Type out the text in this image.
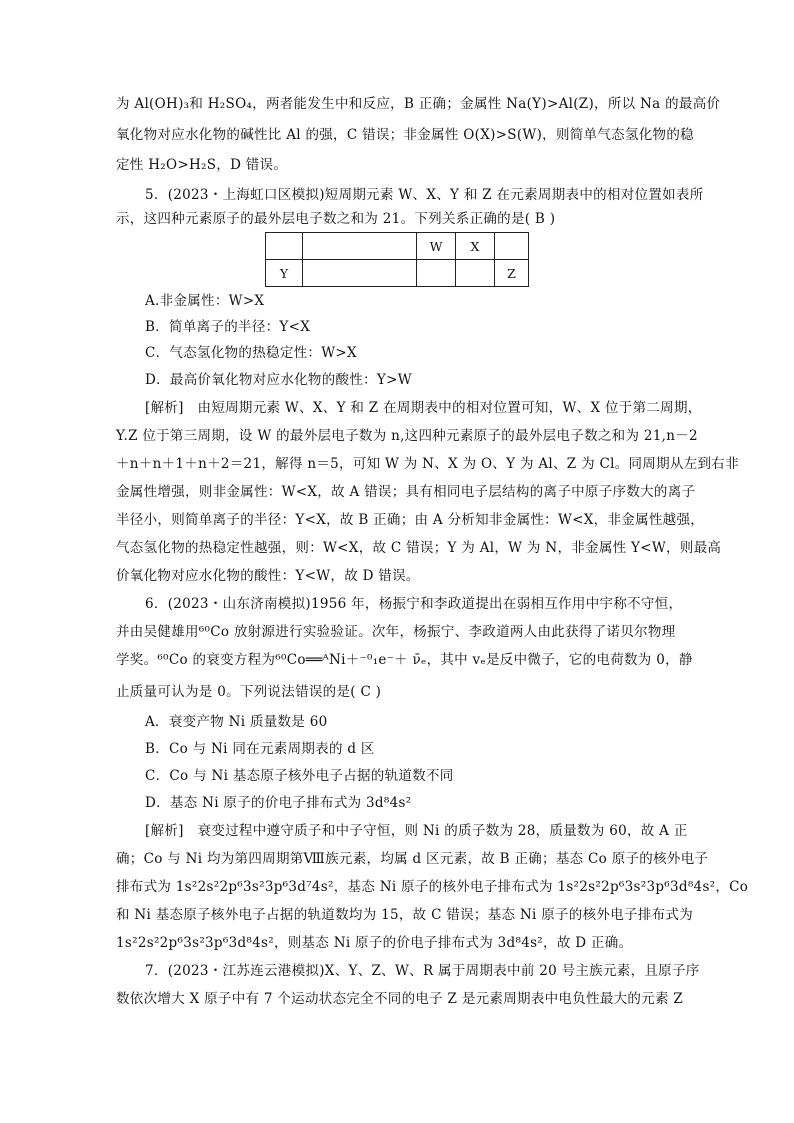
为 Al(OH)₃和 H₂SO₄，两者能发生中和反应，B 正确；金属性 Na(Y)>Al(Z)，所以 Na 的最高价
氧化物对应水化物的碱性比 Al 的强，C 错误；非金属性 O(X)>S(W)，则简单气态氢化物的稳
定性 H₂O>H₂S，D 错误。
5．(2023・上海虹口区模拟)短周期元素 W、X、Y 和 Z 在元素周期表中的相对位置如表所
示，这四种元素原子的最外层电子数之和为 21。下列关系正确的是( B )
A.非金属性：W>X
B．简单离子的半径：Y<X
C．气态氢化物的热稳定性：W>X
D．最高价氧化物对应水化物的酸性：Y>W
[解析]　由短周期元素 W、X、Y 和 Z 在周期表中的相对位置可知，W、X 位于第二周期，
Y.Z 位于第三周期，设 W 的最外层电子数为 n,这四种元素原子的最外层电子数之和为 21,n－2
＋n＋n＋1＋n＋2＝21，解得 n＝5，可知 W 为 N、X 为 O、Y 为 Al、Z 为 Cl。同周期从左到右非
金属性增强，则非金属性：W<X，故 A 错误；具有相同电子层结构的离子中原子序数大的离子
半径小，则简单离子的半径：Y<X，故 B 正确；由 A 分析知非金属性：W<X，非金属性越强，
气态氢化物的热稳定性越强，则：W<X，故 C 错误；Y 为 Al，W 为 N，非金属性 Y<W，则最高
价氧化物对应水化物的酸性：Y<W，故 D 错误。
6．(2023・山东济南模拟)1956 年，杨振宁和李政道提出在弱相互作用中宇称不守恒，
并由吴健雄用⁶⁰Co 放射源进行实验验证。次年，杨振宁、李政道两人由此获得了诺贝尔物理
学奖。⁶⁰Co 的衰变方程为⁶⁰Co══ᴬNi＋⁻⁰₁e⁻＋ ν̄ₑ，其中 vₑ是反中微子，它的电荷数为 0，静
止质量可认为是 0。下列说法错误的是( C )
A．衰变产物 Ni 质量数是 60
B．Co 与 Ni 同在元素周期表的 d 区
C．Co 与 Ni 基态原子核外电子占据的轨道数不同
D．基态 Ni 原子的价电子排布式为 3d⁸4s²
[解析]　衰变过程中遵守质子和中子守恒，则 Ni 的质子数为 28，质量数为 60，故 A 正
确；Co 与 Ni 均为第四周期第Ⅷ族元素，均属 d 区元素，故 B 正确；基态 Co 原子的核外电子
排布式为 1s²2s²2p⁶3s²3p⁶3d⁷4s²，基态 Ni 原子的核外电子排布式为 1s²2s²2p⁶3s²3p⁶3d⁸4s²，Co
和 Ni 基态原子核外电子占据的轨道数均为 15，故 C 错误；基态 Ni 原子的核外电子排布式为
1s²2s²2p⁶3s²3p⁶3d⁸4s²，则基态 Ni 原子的价电子排布式为 3d⁸4s²，故 D 正确。
7．(2023・江苏连云港模拟)X、Y、Z、W、R 属于周期表中前 20 号主族元素，且原子序
数依次增大 X 原子中有 7 个运动状态完全不同的电子 Z 是元素周期表中电负性最大的元素 Z
		W	X	
Y				Z
